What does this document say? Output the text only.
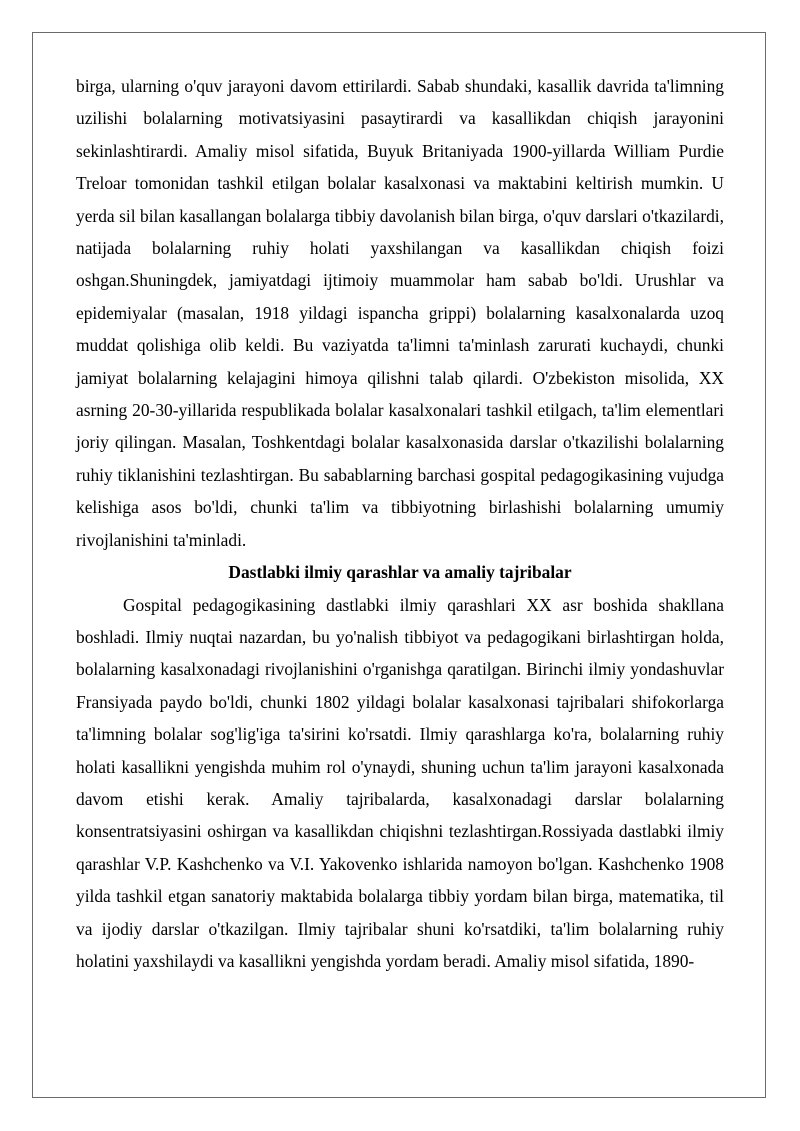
birga, ularning o'quv jarayoni davom ettirilardi. Sabab shundaki, kasallik davrida ta'limning uzilishi bolalarning motivatsiyasini pasaytirardi va kasallikdan chiqish jarayonini sekinlashtirardi. Amaliy misol sifatida, Buyuk Britaniyada 1900-yillarda William Purdie Treloar tomonidan tashkil etilgan bolalar kasalxonasi va maktabini keltirish mumkin. U yerda sil bilan kasallangan bolalarga tibbiy davolanish bilan birga, o'quv darslari o'tkazilardi, natijada bolalarning ruhiy holati yaxshilangan va kasallikdan chiqish foizi oshgan.Shuningdek, jamiyatdagi ijtimoiy muammolar ham sabab bo'ldi. Urushlar va epidemiyalar (masalan, 1918 yildagi ispancha grippi) bolalarning kasalxonalarda uzoq muddat qolishiga olib keldi. Bu vaziyatda ta'limni ta'minlash zarurati kuchaydi, chunki jamiyat bolalarning kelajagini himoya qilishni talab qilardi. O'zbekiston misolida, XX asrning 20-30-yillarida respublikada bolalar kasalxonalari tashkil etilgach, ta'lim elementlari joriy qilingan. Masalan, Toshkentdagi bolalar kasalxonasida darslar o'tkazilishi bolalarning ruhiy tiklanishini tezlashtirgan. Bu sabablarning barchasi gospital pedagogikasining vujudga kelishiga asos bo'ldi, chunki ta'lim va tibbiyotning birlashishi bolalarning umumiy rivojlanishini ta'minladi.

Dastlabki ilmiy qarashlar va amaliy tajribalar

Gospital pedagogikasining dastlabki ilmiy qarashlari XX asr boshida shakllana boshladi. Ilmiy nuqtai nazardan, bu yo'nalish tibbiyot va pedagogikani birlashtirgan holda, bolalarning kasalxonadagi rivojlanishini o'rganishga qaratilgan. Birinchi ilmiy yondashuvlar Fransiyada paydo bo'ldi, chunki 1802 yildagi bolalar kasalxonasi tajribalari shifokorlarga ta'limning bolalar sog'lig'iga ta'sirini ko'rsatdi. Ilmiy qarashlarga ko'ra, bolalarning ruhiy holati kasallikni yengishda muhim rol o'ynaydi, shuning uchun ta'lim jarayoni kasalxonada davom etishi kerak. Amaliy tajribalarda, kasalxonadagi darslar bolalarning konsentratsiyasini oshirgan va kasallikdan chiqishni tezlashtirgan.Rossiyada dastlabki ilmiy qarashlar V.P. Kashchenko va V.I. Yakovenko ishlarida namoyon bo'lgan. Kashchenko 1908 yilda tashkil etgan sanatoriy maktabida bolalarga tibbiy yordam bilan birga, matematika, til va ijodiy darslar o'tkazilgan. Ilmiy tajribalar shuni ko'rsatdiki, ta'lim bolalarning ruhiy holatini yaxshilaydi va kasallikni yengishda yordam beradi. Amaliy misol sifatida, 1890-
